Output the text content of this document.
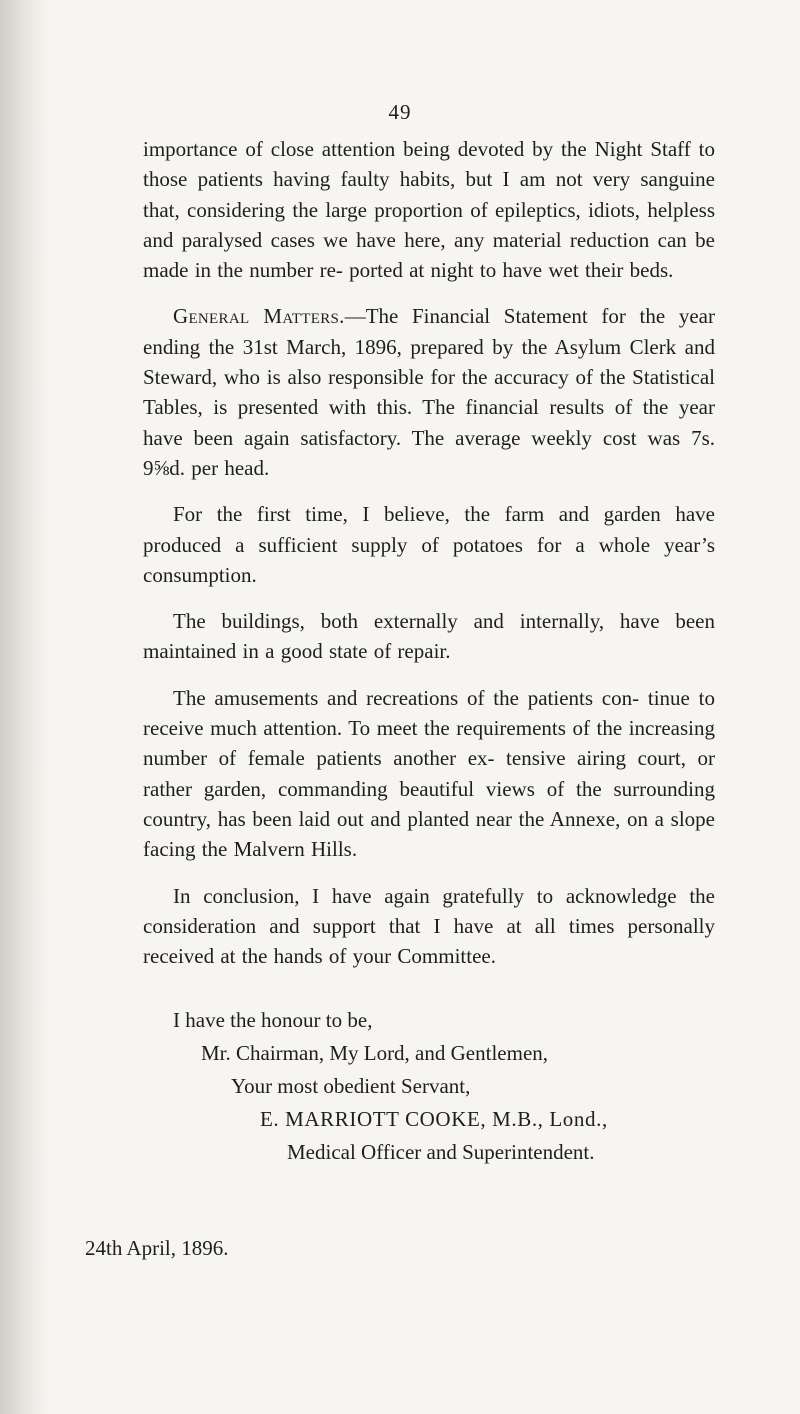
49

importance of close attention being devoted by the Night Staff to those patients having faulty habits, but I am not very sanguine that, considering the large proportion of epileptics, idiots, helpless and paralysed cases we have here, any material reduction can be made in the number re- ported at night to have wet their beds.

General Matters.—The Financial Statement for the year ending the 31st March, 1896, prepared by the Asylum Clerk and Steward, who is also responsible for the accuracy of the Statistical Tables, is presented with this. The financial results of the year have been again satisfactory. The average weekly cost was 7s. 9⅝d. per head.

For the first time, I believe, the farm and garden have produced a sufficient supply of potatoes for a whole year’s consumption.

The buildings, both externally and internally, have been maintained in a good state of repair.

The amusements and recreations of the patients con- tinue to receive much attention. To meet the requirements of the increasing number of female patients another ex- tensive airing court, or rather garden, commanding beautiful views of the surrounding country, has been laid out and planted near the Annexe, on a slope facing the Malvern Hills.

In conclusion, I have again gratefully to acknowledge the consideration and support that I have at all times personally received at the hands of your Committee.

I have the honour to be,
Mr. Chairman, My Lord, and Gentlemen,
Your most obedient Servant,
E. MARRIOTT COOKE, M.B., Lond.,
Medical Officer and Superintendent.
24th April, 1896.
